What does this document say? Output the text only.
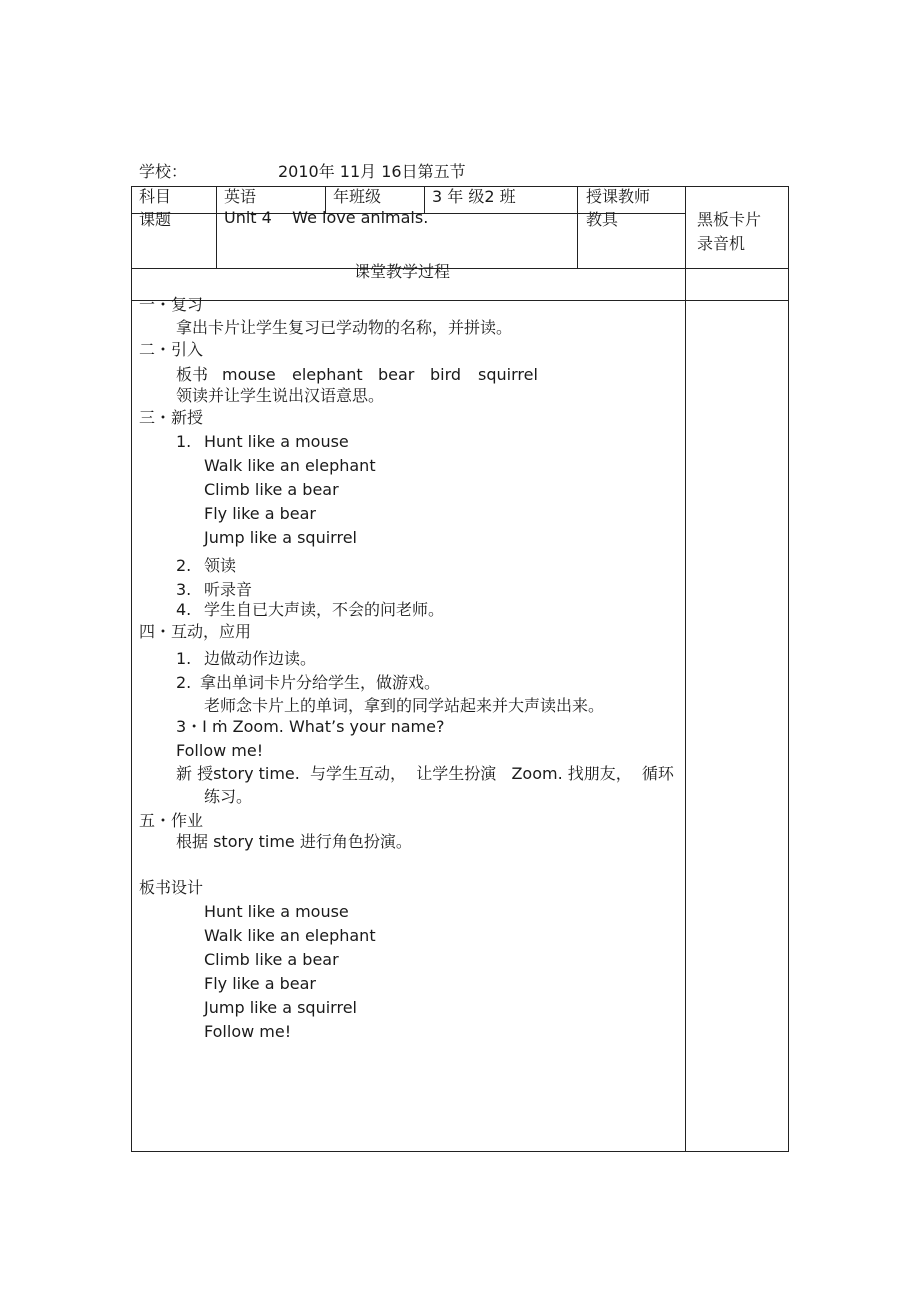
学校：	2010年 11月 16日第五节
科目	英语	年班级	3 年 级2 班	授课教师
课题	Unit 4    We love animals.	教具	黑板卡片
录音机
课堂教学过程
一・复习
拿出卡片让学生复习已学动物的名称，并拼读。
二・引入
板书 mouse elephant bear bird squirrel
领读并让学生说出汉语意思。
三・新授
1. Hunt like a mouse
Walk like an elephant
Climb like a bear
Fly like a bear
Jump like a squirrel
2. 领读
3. 听录音
4. 学生自已大声读，不会的问老师。
四・互动，应用
1. 边做动作边读。
2. 拿出单词卡片分给学生，做游戏。
老师念卡片上的单词，拿到的同学站起来并大声读出来。
3・I ṁ Zoom. What’s your name?
Follow me!
新 授story time.  与学生互动，  让学生扮演   Zoom. 找朋友，  循环
练习。
五・作业
根据 story time 进行角色扮演。
板书设计
Hunt like a mouse
Walk like an elephant
Climb like a bear
Fly like a bear
Jump like a squirrel
Follow me!
